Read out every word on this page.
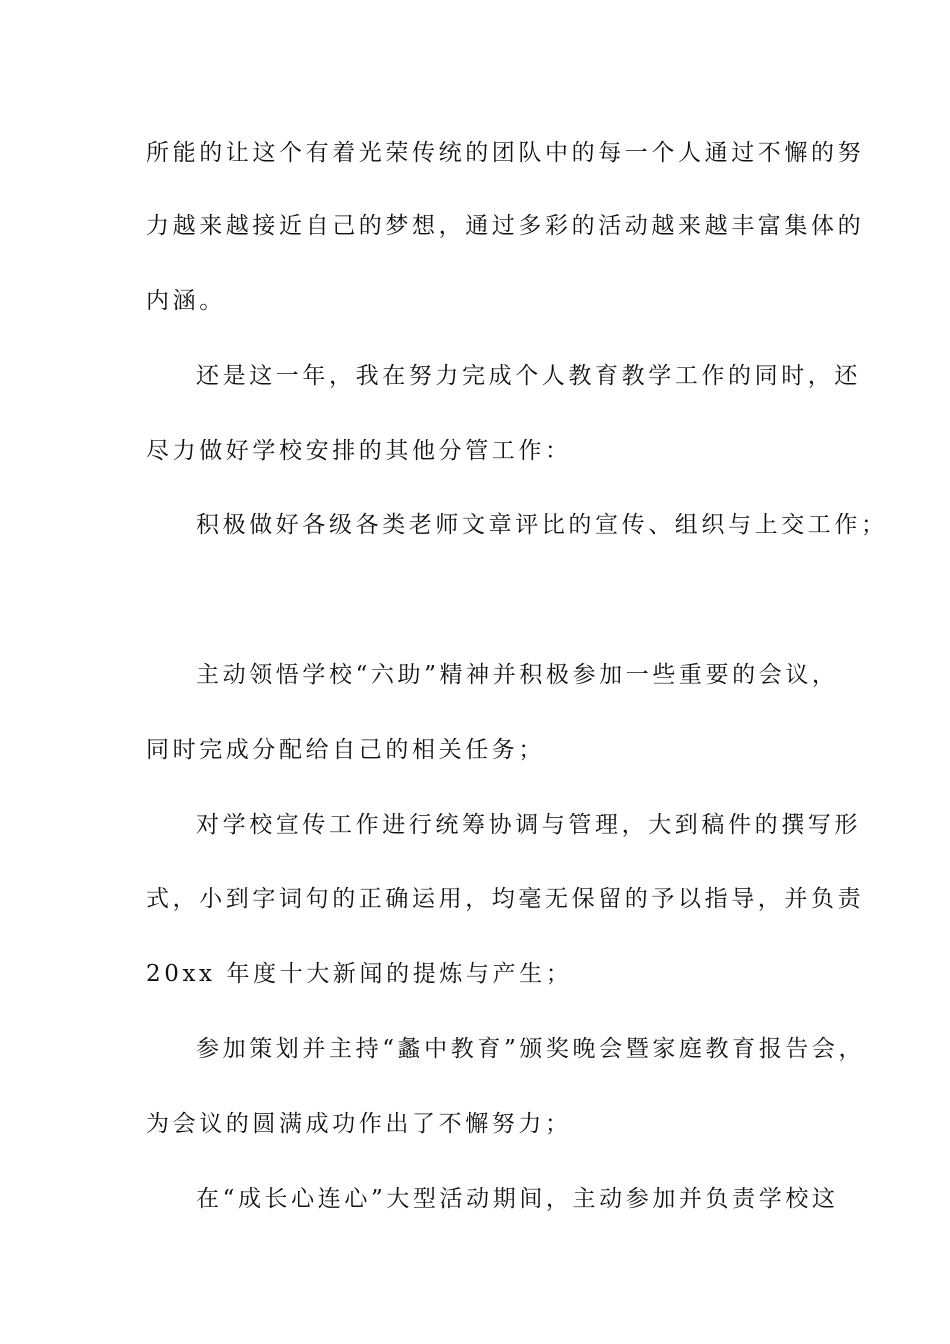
所能的让这个有着光荣传统的团队中的每一个人通过不懈的努
力越来越接近自己的梦想，通过多彩的活动越来越丰富集体的
内涵。
还是这一年，我在努力完成个人教育教学工作的同时，还
尽力做好学校安排的其他分管工作：
积极做好各级各类老师文章评比的宣传、组织与上交工作；
主动领悟学校“六助”精神并积极参加一些重要的会议，
同时完成分配给自己的相关任务；
对学校宣传工作进行统筹协调与管理，大到稿件的撰写形
式，小到字词句的正确运用，均毫无保留的予以指导，并负责
20xx 年度十大新闻的提炼与产生；
参加策划并主持“蠡中教育”颁奖晚会暨家庭教育报告会，
为会议的圆满成功作出了不懈努力；
在“成长心连心”大型活动期间，主动参加并负责学校这
